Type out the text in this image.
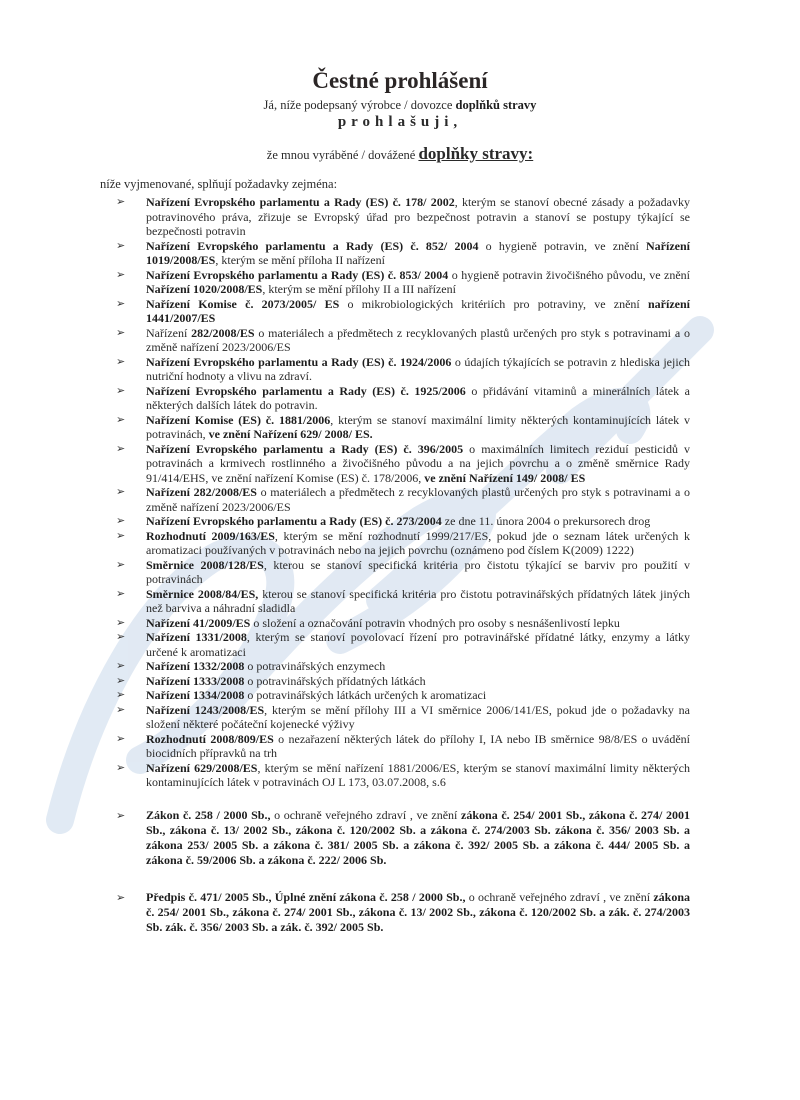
Čestné prohlášení
Já, níže podepsaný výrobce / dovozce doplňků stravy
prohlašuji,
že mnou vyráběné / dovážené doplňky stravy:
níže vyjmenované, splňují požadavky zejména:
➢	Nařízení Evropského parlamentu a Rady (ES) č. 178/ 2002, kterým se stanoví obecné zásady a požadavky potravinového práva, zřizuje se Evropský úřad pro bezpečnost potravin a stanoví se postupy týkající se bezpečnosti potravin
➢	Nařízení Evropského parlamentu a Rady (ES) č. 852/ 2004 o hygieně potravin, ve znění Nařízení 1019/2008/ES, kterým se mění příloha II nařízení
➢	Nařízení Evropského parlamentu a Rady (ES) č. 853/ 2004 o hygieně potravin živočišného původu, ve znění Nařízení 1020/2008/ES, kterým se mění přílohy II a III nařízení
➢	Nařízení Komise č. 2073/2005/ ES o mikrobiologických kritériích pro potraviny, ve znění nařízení 1441/2007/ES
➢	Nařízení 282/2008/ES o materiálech a předmětech z recyklovaných plastů určených pro styk s potravinami a o změně nařízení 2023/2006/ES
➢	Nařízení Evropského parlamentu a Rady (ES) č. 1924/2006 o údajích týkajících se potravin z hlediska jejich nutriční hodnoty a vlivu na zdraví.
➢	Nařízení Evropského parlamentu a Rady (ES) č. 1925/2006 o přidávání vitaminů a minerálních látek a některých dalších látek do potravin.
➢	Nařízení Komise (ES) č. 1881/2006, kterým se stanoví maximální limity některých kontaminujících látek v potravinách, ve znění Nařízení 629/ 2008/ ES.
➢	Nařízení Evropského parlamentu a Rady (ES) č. 396/2005 o maximálních limitech reziduí pesticidů v potravinách a krmivech rostlinného a živočišného původu a na jejich povrchu a o změně směrnice Rady 91/414/EHS, ve znění nařízení Komise (ES) č. 178/2006, ve znění Nařízení 149/ 2008/ ES
➢	Nařízení 282/2008/ES o materiálech a předmětech z recyklovaných plastů určených pro styk s potravinami a o změně nařízení 2023/2006/ES
➢	Nařízení Evropského parlamentu a Rady (ES) č. 273/2004 ze dne 11. února 2004 o prekursorech drog
➢	Rozhodnutí 2009/163/ES, kterým se mění rozhodnutí 1999/217/ES, pokud jde o seznam látek určených k aromatizaci používaných v potravinách nebo na jejich povrchu (oznámeno pod číslem K(2009) 1222)
➢	Směrnice 2008/128/ES, kterou se stanoví specifická kritéria pro čistotu týkající se barviv pro použití v potravinách
➢	Směrnice 2008/84/ES, kterou se stanoví specifická kritéria pro čistotu potravinářských přídatných látek jiných než barviva a náhradní sladidla
➢	Nařízení 41/2009/ES o složení a označování potravin vhodných pro osoby s nesnášenlivostí lepku
➢	Nařízení 1331/2008, kterým se stanoví povolovací řízení pro potravinářské přídatné látky, enzymy a látky určené k aromatizaci
➢	Nařízení 1332/2008 o potravinářských enzymech
➢	Nařízení 1333/2008 o potravinářských přídatných látkách
➢	Nařízení 1334/2008 o potravinářských látkách určených k aromatizaci
➢	Nařízení 1243/2008/ES, kterým se mění přílohy III a VI směrnice 2006/141/ES, pokud jde o požadavky na složení některé počáteční kojenecké výživy
➢	Rozhodnutí 2008/809/ES o nezařazení některých látek do přílohy I, IA nebo IB směrnice 98/8/ES o uvádění biocidních přípravků na trh
➢	Nařízení 629/2008/ES, kterým se mění nařízení 1881/2006/ES, kterým se stanoví maximální limity některých kontaminujících látek v potravinách OJ L 173, 03.07.2008, s.6
➢	Zákon č. 258 / 2000 Sb., o ochraně veřejného zdraví , ve znění zákona č. 254/ 2001 Sb., zákona č. 274/ 2001 Sb., zákona č. 13/ 2002 Sb., zákona č. 120/2002 Sb. a zákona č. 274/2003 Sb. zákona č. 356/ 2003 Sb. a zákona 253/ 2005 Sb. a zákona č. 381/ 2005 Sb. a zákona č. 392/ 2005 Sb. a zákona č. 444/ 2005 Sb. a zákona č. 59/2006 Sb. a zákona č. 222/ 2006 Sb.
➢	Předpis č. 471/ 2005 Sb., Úplné znění zákona č. 258 / 2000 Sb., o ochraně veřejného zdraví , ve znění zákona č. 254/ 2001 Sb., zákona č. 274/ 2001 Sb., zákona č. 13/ 2002 Sb., zákona č. 120/2002 Sb. a zák. č. 274/2003 Sb. zák. č. 356/ 2003 Sb. a zák. č. 392/ 2005 Sb.
